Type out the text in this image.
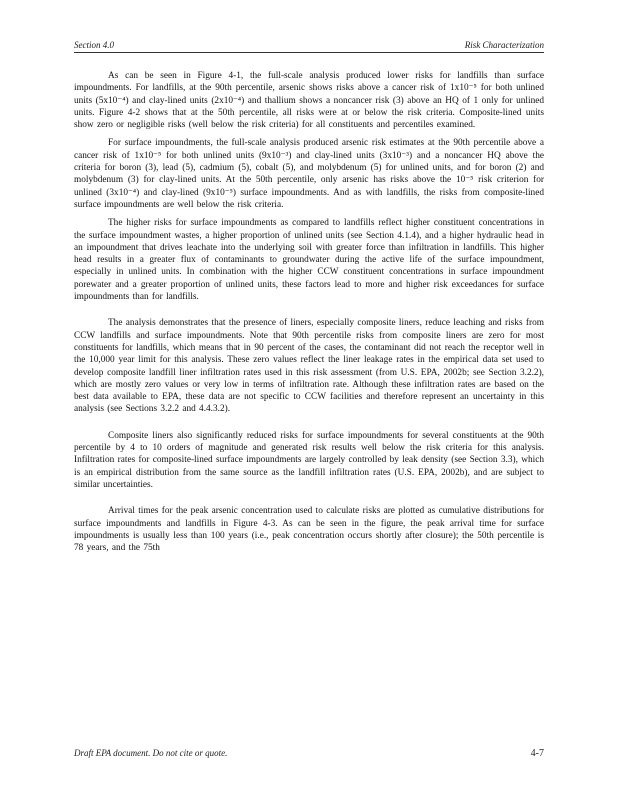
Section 4.0	Risk Characterization

As can be seen in Figure 4-1, the full-scale analysis produced lower risks for landfills than surface impoundments. For landfills, at the 90th percentile, arsenic shows risks above a cancer risk of 1x10⁻⁵ for both unlined units (5x10⁻⁴) and clay-lined units (2x10⁻⁴) and thallium shows a noncancer risk (3) above an HQ of 1 only for unlined units. Figure 4-2 shows that at the 50th percentile, all risks were at or below the risk criteria. Composite-lined units show zero or negligible risks (well below the risk criteria) for all constituents and percentiles examined.

For surface impoundments, the full-scale analysis produced arsenic risk estimates at the 90th percentile above a cancer risk of 1x10⁻⁵ for both unlined units (9x10⁻³) and clay-lined units (3x10⁻³) and a noncancer HQ above the criteria for boron (3), lead (5), cadmium (5), cobalt (5), and molybdenum (5) for unlined units, and for boron (2) and molybdenum (3) for clay-lined units. At the 50th percentile, only arsenic has risks above the 10⁻⁵ risk criterion for unlined (3x10⁻⁴) and clay-lined (9x10⁻⁵) surface impoundments. And as with landfills, the risks from composite-lined surface impoundments are well below the risk criteria.

The higher risks for surface impoundments as compared to landfills reflect higher constituent concentrations in the surface impoundment wastes, a higher proportion of unlined units (see Section 4.1.4), and a higher hydraulic head in an impoundment that drives leachate into the underlying soil with greater force than infiltration in landfills. This higher head results in a greater flux of contaminants to groundwater during the active life of the surface impoundment, especially in unlined units. In combination with the higher CCW constituent concentrations in surface impoundment porewater and a greater proportion of unlined units, these factors lead to more and higher risk exceedances for surface impoundments than for landfills.

The analysis demonstrates that the presence of liners, especially composite liners, reduce leaching and risks from CCW landfills and surface impoundments. Note that 90th percentile risks from composite liners are zero for most constituents for landfills, which means that in 90 percent of the cases, the contaminant did not reach the receptor well in the 10,000 year limit for this analysis. These zero values reflect the liner leakage rates in the empirical data set used to develop composite landfill liner infiltration rates used in this risk assessment (from U.S. EPA, 2002b; see Section 3.2.2), which are mostly zero values or very low in terms of infiltration rate. Although these infiltration rates are based on the best data available to EPA, these data are not specific to CCW facilities and therefore represent an uncertainty in this analysis (see Sections 3.2.2 and 4.4.3.2).

Composite liners also significantly reduced risks for surface impoundments for several constituents at the 90th percentile by 4 to 10 orders of magnitude and generated risk results well below the risk criteria for this analysis. Infiltration rates for composite-lined surface impoundments are largely controlled by leak density (see Section 3.3), which is an empirical distribution from the same source as the landfill infiltration rates (U.S. EPA, 2002b), and are subject to similar uncertainties.

Arrival times for the peak arsenic concentration used to calculate risks are plotted as cumulative distributions for surface impoundments and landfills in Figure 4-3. As can be seen in the figure, the peak arrival time for surface impoundments is usually less than 100 years (i.e., peak concentration occurs shortly after closure); the 50th percentile is 78 years, and the 75th

Draft EPA document. Do not cite or quote.	4-7
